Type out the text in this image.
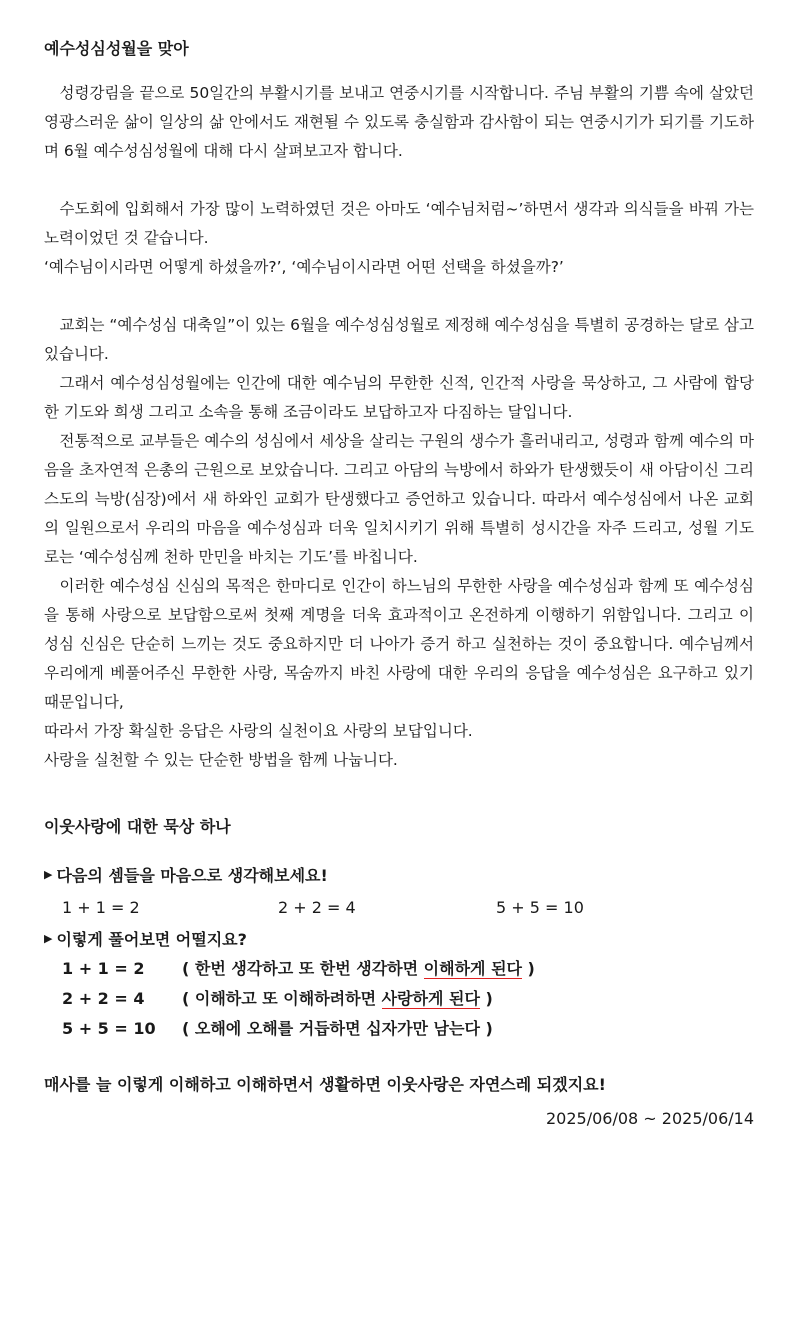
예수성심성월을 맞아
성령강림을 끝으로 50일간의 부활시기를 보내고 연중시기를 시작합니다. 주님 부활의 기쁨 속에 살았던 영광스러운 삶이 일상의 삶 안에서도 재현될 수 있도록 충실함과 감사함이 되는 연중시기가 되기를 기도하며 6월 예수성심성월에 대해 다시 살펴보고자 합니다.
수도회에 입회해서 가장 많이 노력하였던 것은 아마도 ‘예수님처럼~’하면서 생각과 의식들을 바꿔 가는 노력이었던 것 같습니다.
‘예수님이시라면 어떻게 하셨을까?’, ‘예수님이시라면 어떤 선택을 하셨을까?’
교회는 “예수성심 대축일”이 있는 6월을 예수성심성월로 제정해 예수성심을 특별히 공경하는 달로 삼고 있습니다.
그래서 예수성심성월에는 인간에 대한 예수님의 무한한 신적, 인간적 사랑을 묵상하고, 그 사람에 합당한 기도와 희생 그리고 소속을 통해 조금이라도 보답하고자 다짐하는 달입니다.
전통적으로 교부들은 예수의 성심에서 세상을 살리는 구원의 생수가 흘러내리고, 성령과 함께 예수의 마음을 초자연적 은총의 근원으로 보았습니다. 그리고 아담의 늑방에서 하와가 탄생했듯이 새 아담이신 그리스도의 늑방(심장)에서 새 하와인 교회가 탄생했다고 증언하고 있습니다. 따라서 예수성심에서 나온 교회의 일원으로서 우리의 마음을 예수성심과 더욱 일치시키기 위해 특별히 성시간을 자주 드리고, 성월 기도로는 ‘예수성심께 천하 만민을 바치는 기도’를 바칩니다.
이러한 예수성심 신심의 목적은 한마디로 인간이 하느님의 무한한 사랑을 예수성심과 함께 또 예수성심을 통해 사랑으로 보답함으로써 첫째 계명을 더욱 효과적이고 온전하게 이행하기 위함입니다. 그리고 이 성심 신심은 단순히 느끼는 것도 중요하지만 더 나아가 증거 하고 실천하는 것이 중요합니다. 예수님께서 우리에게 베풀어주신 무한한 사랑, 목숨까지 바친 사랑에 대한 우리의 응답을 예수성심은 요구하고 있기 때문입니다,
따라서 가장 확실한 응답은 사랑의 실천이요 사랑의 보답입니다.
사랑을 실천할 수 있는 단순한 방법을 함께 나눕니다.
이웃사랑에 대한 묵상 하나
▶ 다음의 셈들을 마음으로 생각해보세요!
1 + 1 = 2	2 + 2 = 4	5 + 5 = 10
▶ 이렇게 풀어보면 어떨지요?
1 + 1 = 2	( 한번 생각하고 또 한번 생각하면 이해하게 된다 )
2 + 2 = 4	( 이해하고 또 이해하려하면 사랑하게 된다 )
5 + 5 = 10	( 오해에 오해를 거듭하면 십자가만 남는다 )
매사를 늘 이렇게 이해하고 이해하면서 생활하면 이웃사랑은 자연스레 되겠지요!
2025/06/08 ~ 2025/06/14
